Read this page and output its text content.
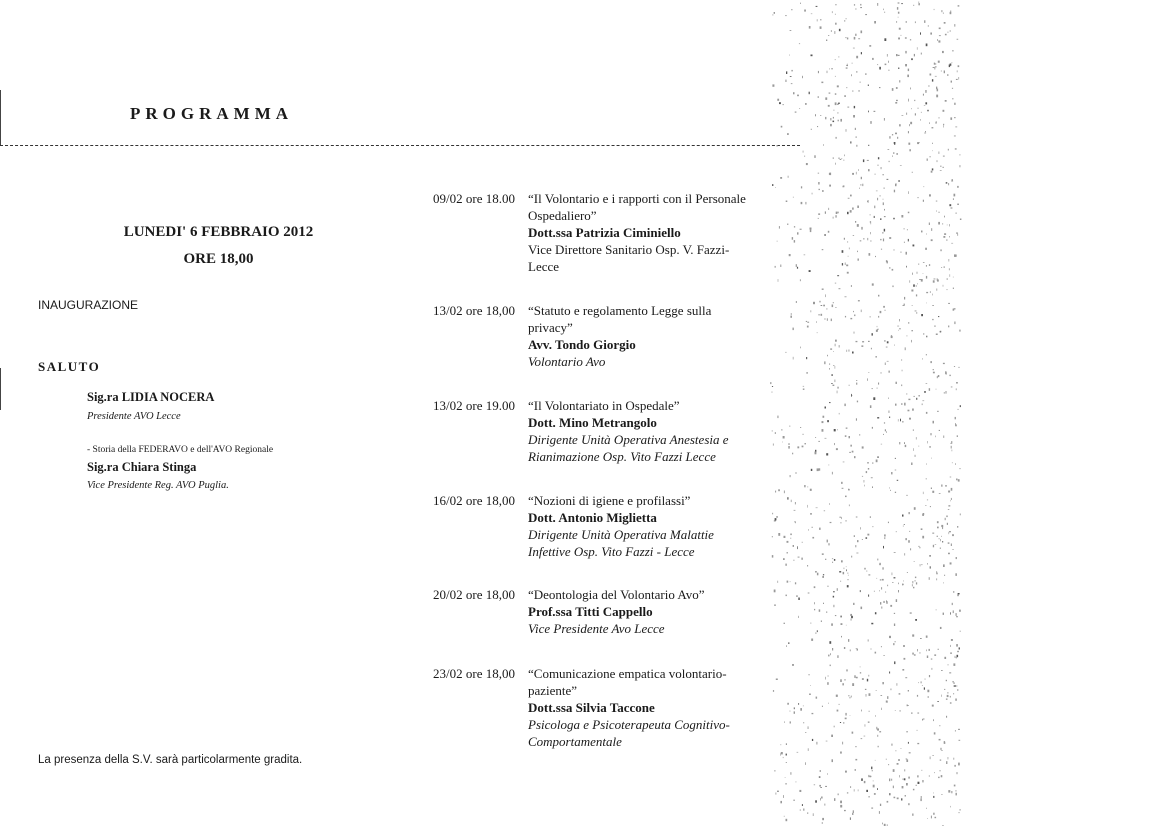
PROGRAMMA
LUNEDI' 6 FEBBRAIO 2012
ORE 18,00
INAUGURAZIONE
SALUTO
Sig.ra LIDIA NOCERA
Presidente AVO Lecce
- Storia della FEDERAVO e dell'AVO Regionale
Sig.ra Chiara Stinga
Vice Presidente Reg. AVO Puglia.
La presenza della S.V. sarà particolarmente gradita.
09/02 ore 18.00 “Il Volontario e i rapporti con il Personale
Ospedaliero”
Dott.ssa Patrizia Ciminiello
Vice Direttore Sanitario Osp. V. Fazzi-
Lecce
13/02 ore 18,00 “Statuto e regolamento Legge sulla
privacy”
Avv. Tondo Giorgio
Volontario Avo
13/02 ore 19.00 “Il Volontariato in Ospedale”
Dott. Mino Metrangolo
Dirigente Unità Operativa Anestesia e
Rianimazione Osp. Vito Fazzi Lecce
16/02 ore 18,00 “Nozioni di igiene e profilassi”
Dott. Antonio Miglietta
Dirigente Unità Operativa Malattie
Infettive Osp. Vito Fazzi - Lecce
20/02 ore 18,00 “Deontologia del Volontario Avo”
Prof.ssa Titti Cappello
Vice Presidente Avo Lecce
23/02 ore 18,00 “Comunicazione empatica volontario-
paziente”
Dott.ssa Silvia Taccone
Psicologa e Psicoterapeuta Cognitivo-
Comportamentale
